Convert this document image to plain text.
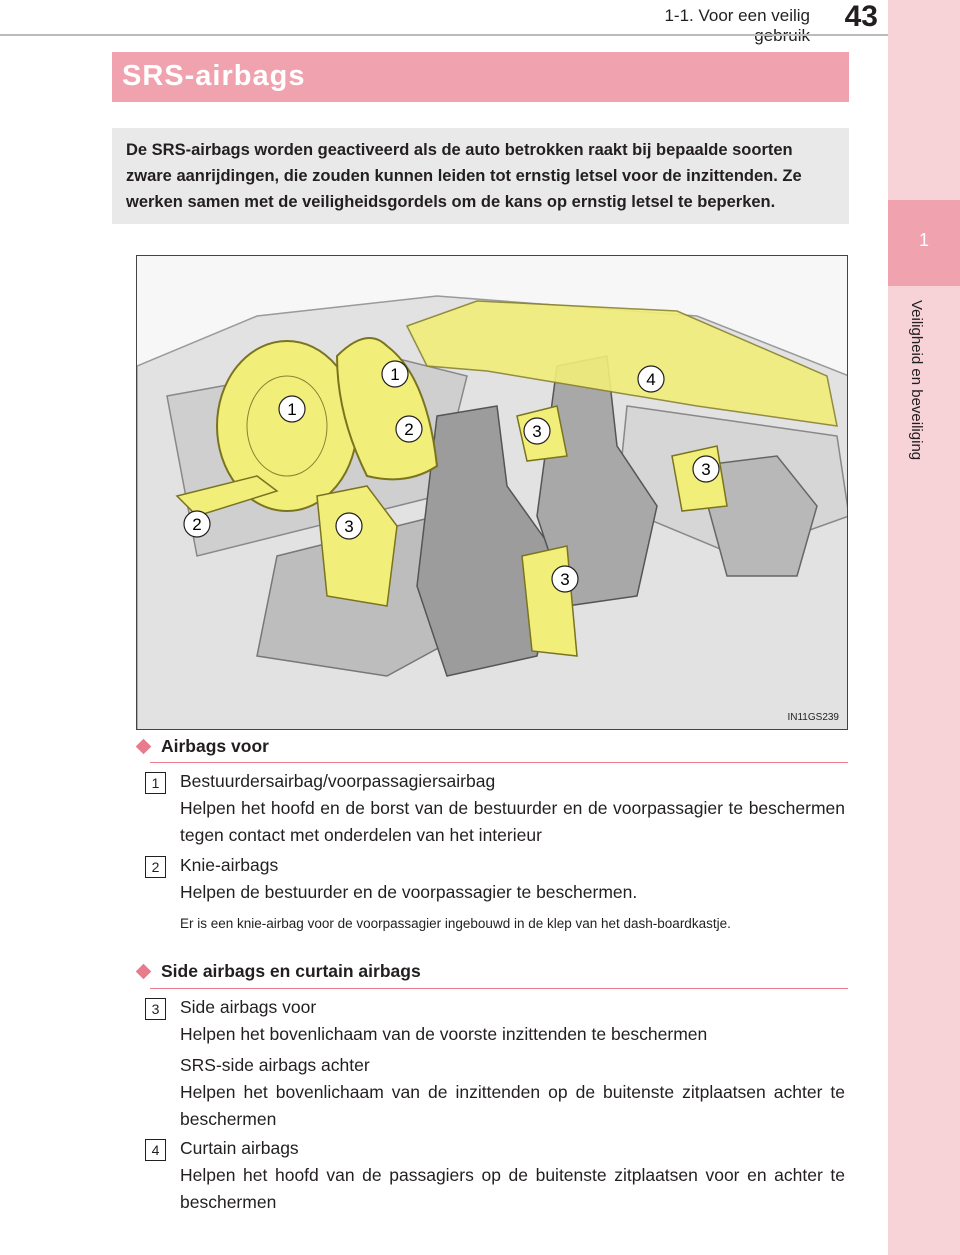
1
Veiligheid en beveiliging
1-1. Voor een veilig 43
SRS-airbags
De SRS-airbags worden geactiveerd als de auto betrokken raakt bij bepaalde soorten zware aanrijdingen, die zouden kunnen leiden tot ernstig letsel voor de inzittenden. Ze werken samen met de veiligheidsgordels om de kans op ernstig letsel te beperken.
1
1
2
2
3
3
3
3
4
IN11GS239
Airbags voor
1	Bestuurdersairbag/voorpassagiersairbag
Helpen het hoofd en de borst van de bestuurder en de voorpassagier te beschermen tegen contact met onderdelen van het interieur
2	Knie-airbags
Helpen de bestuurder en de voorpassagier te beschermen.
Er is een knie-airbag voor de voorpassagier ingebouwd in de klep van het dash-boardkastje.
Side airbags en curtain airbags
3	Side airbags voor
Helpen het bovenlichaam van de voorste inzittenden te beschermen
SRS-side airbags achter
Helpen het bovenlichaam van de inzittenden op de buitenste zitplaatsen achter te beschermen
4	Curtain airbags
Helpen het hoofd van de passagiers op de buitenste zitplaatsen voor en achter te beschermen
